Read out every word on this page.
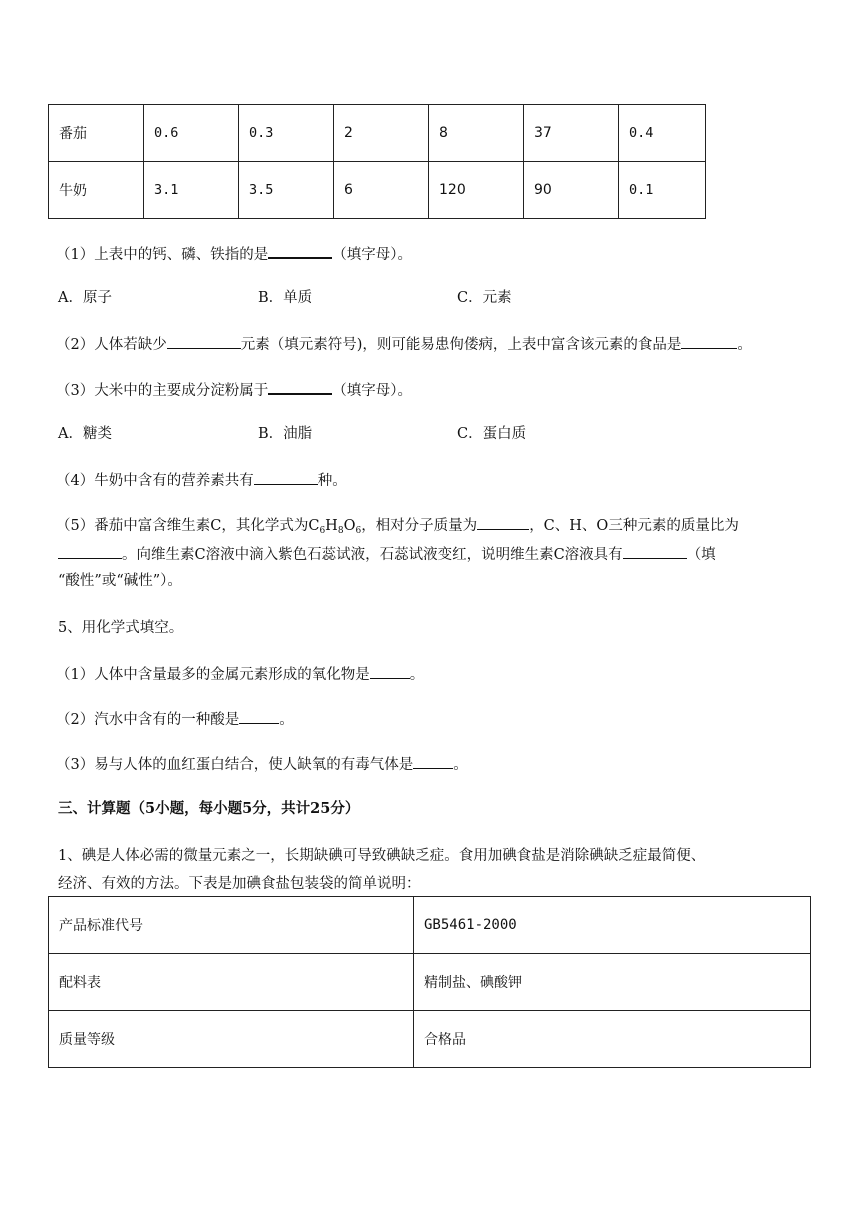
番茄	0.6	0.3	2	8	37	0.4
牛奶	3.1	3.5	6	120	90	0.1
（1）上表中的钙、磷、铁指的是	（填字母）。
A．原子	B．单质	C．元素
（2）人体若缺少	元素（填元素符号)，则可能易患佝偻病，上表中富含该元素的食品是	。
（3）大米中的主要成分淀粉属于	（填字母）。
A．糖类	B．油脂	C．蛋白质
（4）牛奶中含有的营养素共有	种。
（5）番茄中富含维生素C，其化学式为$C_6H_8O_6$，相对分子质量为	，C、H、O三种元素的质量比为
。向维生素C溶液中滴入紫色石蕊试液，石蕊试液变红，说明维生素C溶液具有	（填
“酸性”或“碱性”）。
5、用化学式填空。
（1）人体中含量最多的金属元素形成的氧化物是	。
（2）汽水中含有的一种酸是	。
（3）易与人体的血红蛋白结合，使人缺氧的有毒气体是	。
三、计算题（5小题，每小题5分，共计25分）
1、碘是人体必需的微量元素之一，长期缺碘可导致碘缺乏症。食用加碘食盐是消除碘缺乏症最简便、
经济、有效的方法。下表是加碘食盐包装袋的简单说明：
产品标准代号	GB5461-2000
配料表	精制盐、碘酸钾
质量等级	合格品
